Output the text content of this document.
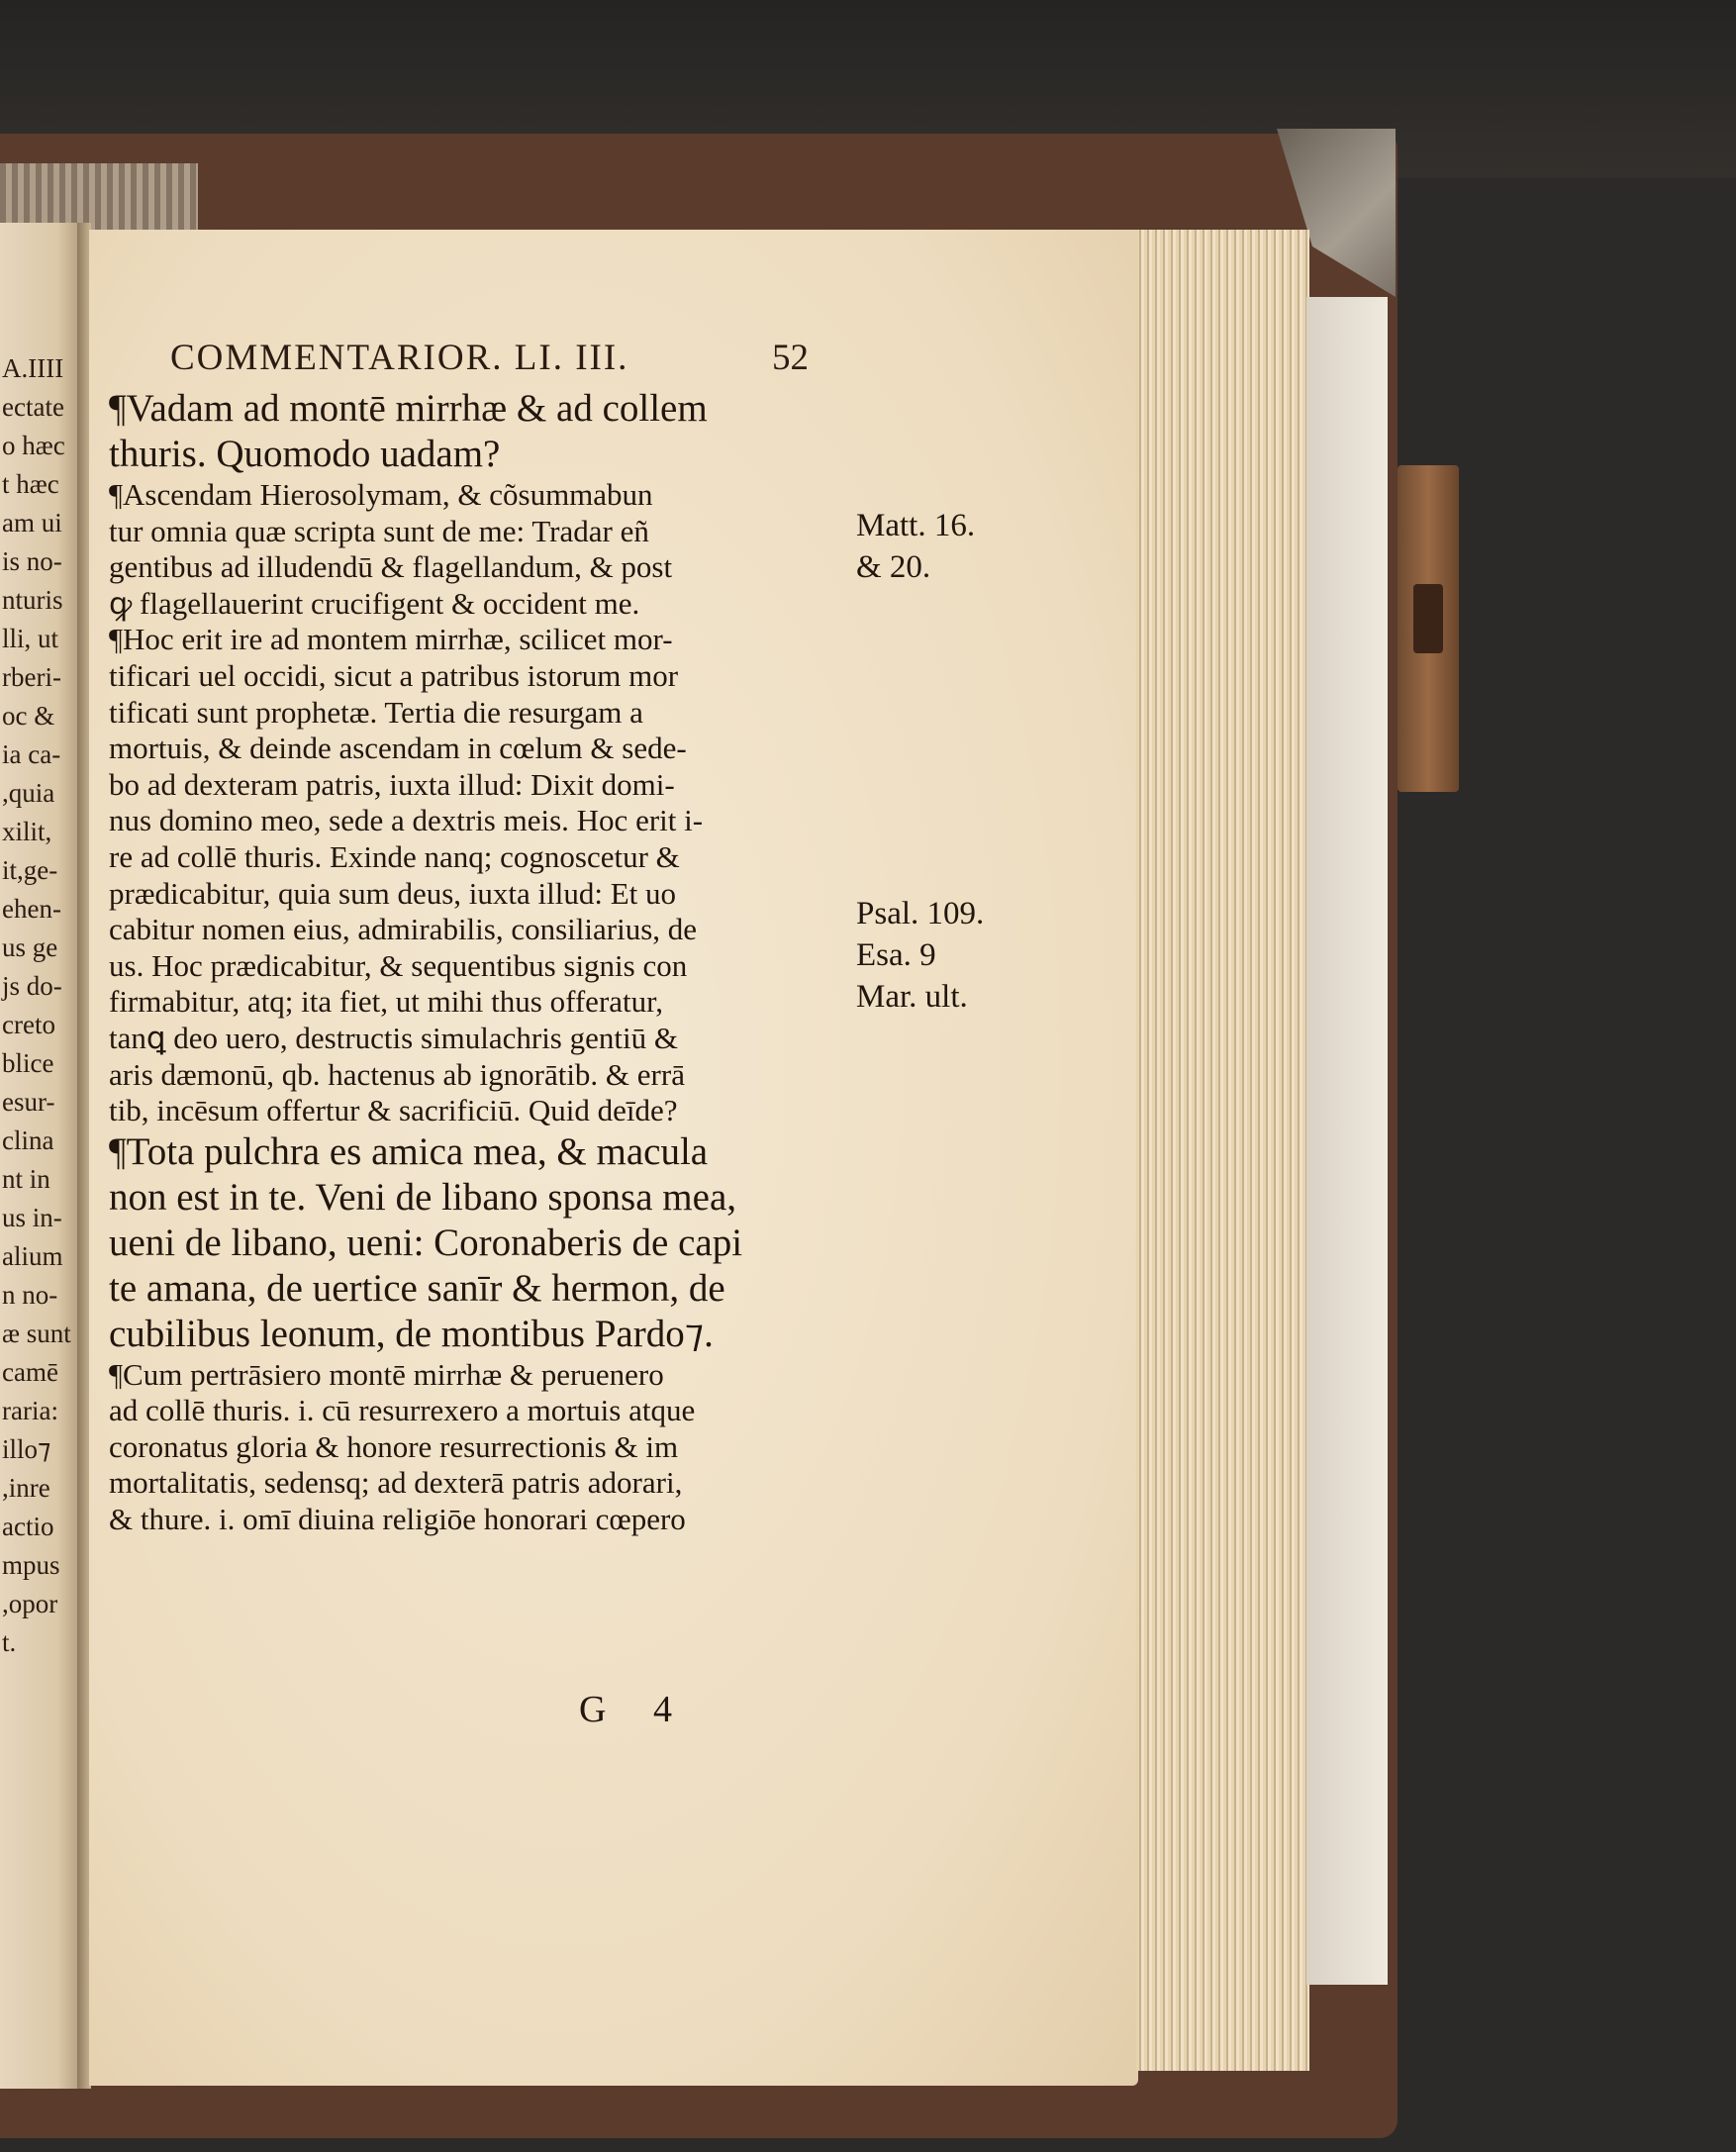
A.IIII
ectate
o hæc
t hæc
am ui
is no-
nturis
lli, ut
rberi-
oc &
ia ca-
,quia
xilit,
it,ge-
ehen-
us ge
js do-
creto
blice
esur-
clina
nt in
us in-
alium
n no-
æ sunt
camē
raria:
illo⁊
,inre
actio
mpus
,opor
t.
COMMENTARIOR. LI. III.	52
¶Vadam ad montē mirrhæ & ad collem
thuris. Quomodo uadam?
¶Ascendam Hierosolymam, & cõsummabun
tur omnia quæ scripta sunt de me: Tradar eñ
gentibus ad illudendū & flagellandum, & post
ꝙ flagellauerint crucifigent & occident me.
¶Hoc erit ire ad montem mirrhæ, scilicet mor-
tificari uel occidi, sicut a patribus istorum mor
tificati sunt prophetæ. Tertia die resurgam a
mortuis, & deinde ascendam in cœlum & sede-
bo ad dexteram patris, iuxta illud: Dixit domi-
nus domino meo, sede a dextris meis. Hoc erit i-
re ad collē thuris. Exinde nanq; cognoscetur &
prædicabitur, quia sum deus, iuxta illud: Et uo
cabitur nomen eius, admirabilis, consiliarius, de
us. Hoc prædicabitur, & sequentibus signis con
firmabitur, atq; ita fiet, ut mihi thus offeratur,
tanꝗ deo uero, destructis simulachris gentiū &
aris dæmonū, qb. hactenus ab ignorātib. & errā
tib, incēsum offertur & sacrificiū. Quid deīde?
¶Tota pulchra es amica mea, & macula
non est in te. Veni de libano sponsa mea,
ueni de libano, ueni: Coronaberis de capi
te amana, de uertice sanīr & hermon, de
cubilibus leonum, de montibus Pardo⁊.
¶Cum pertrāsiero montē mirrhæ & peruenero
ad collē thuris. i. cū resurrexero a mortuis atque
coronatus gloria & honore resurrectionis & im
mortalitatis, sedensq; ad dexterā patris adorari,
& thure. i. omī diuina religiōe honorari cœpero
Matt. 16.
& 20.
Psal. 109.
Esa. 9
Mar. ult.
G 4
